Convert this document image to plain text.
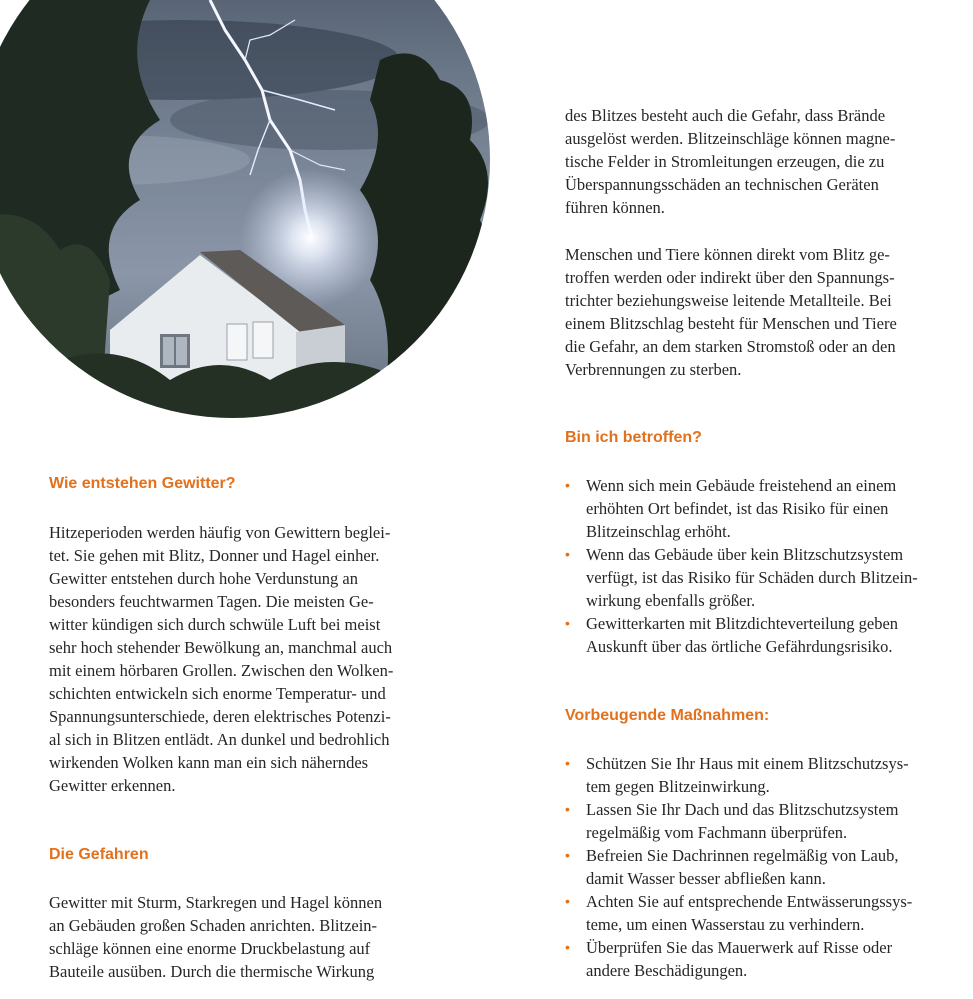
Wie entstehen Gewitter?

Hitzeperioden werden häufig von Gewittern beglei-
tet. Sie gehen mit Blitz, Donner und Hagel einher.
Gewitter entstehen durch hohe Verdunstung an
besonders feuchtwarmen Tagen. Die meisten Ge-
witter kündigen sich durch schwüle Luft bei meist
sehr hoch stehender Bewölkung an, manchmal auch
mit einem hörbaren Grollen. Zwischen den Wolken-
schichten entwickeln sich enorme Temperatur- und
Spannungsunterschiede, deren elektrisches Potenzi-
al sich in Blitzen entlädt. An dunkel und bedrohlich
wirkenden Wolken kann man ein sich näherndes
Gewitter erkennen.

Die Gefahren

Gewitter mit Sturm, Starkregen und Hagel können
an Gebäuden großen Schaden anrichten. Blitzein-
schläge können eine enorme Druckbelastung auf
Bauteile ausüben. Durch die thermische Wirkung

des Blitzes besteht auch die Gefahr, dass Brände
ausgelöst werden. Blitzeinschläge können magne-
tische Felder in Stromleitungen erzeugen, die zu
Überspannungsschäden an technischen Geräten
führen können.

Menschen und Tiere können direkt vom Blitz ge-
troffen werden oder indirekt über den Spannungs-
trichter beziehungsweise leitende Metallteile. Bei
einem Blitzschlag besteht für Menschen und Tiere
die Gefahr, an dem starken Stromstoß oder an den
Verbrennungen zu sterben.

Bin ich betroffen?
• Wenn sich mein Gebäude freistehend an einem
erhöhten Ort befindet, ist das Risiko für einen
Blitzeinschlag erhöht.
• Wenn das Gebäude über kein Blitzschutzsystem
verfügt, ist das Risiko für Schäden durch Blitzein-
wirkung ebenfalls größer.
• Gewitterkarten mit Blitzdichteverteilung geben
Auskunft über das örtliche Gefährdungsrisiko.
Vorbeugende Maßnahmen:
• Schützen Sie Ihr Haus mit einem Blitzschutzsys-
tem gegen Blitzeinwirkung.
• Lassen Sie Ihr Dach und das Blitzschutzsystem
regelmäßig vom Fachmann überprüfen.
• Befreien Sie Dachrinnen regelmäßig von Laub,
damit Wasser besser abfließen kann.
• Achten Sie auf entsprechende Entwässerungssys-
teme, um einen Wasserstau zu verhindern.
• Überprüfen Sie das Mauerwerk auf Risse oder
andere Beschädigungen.
